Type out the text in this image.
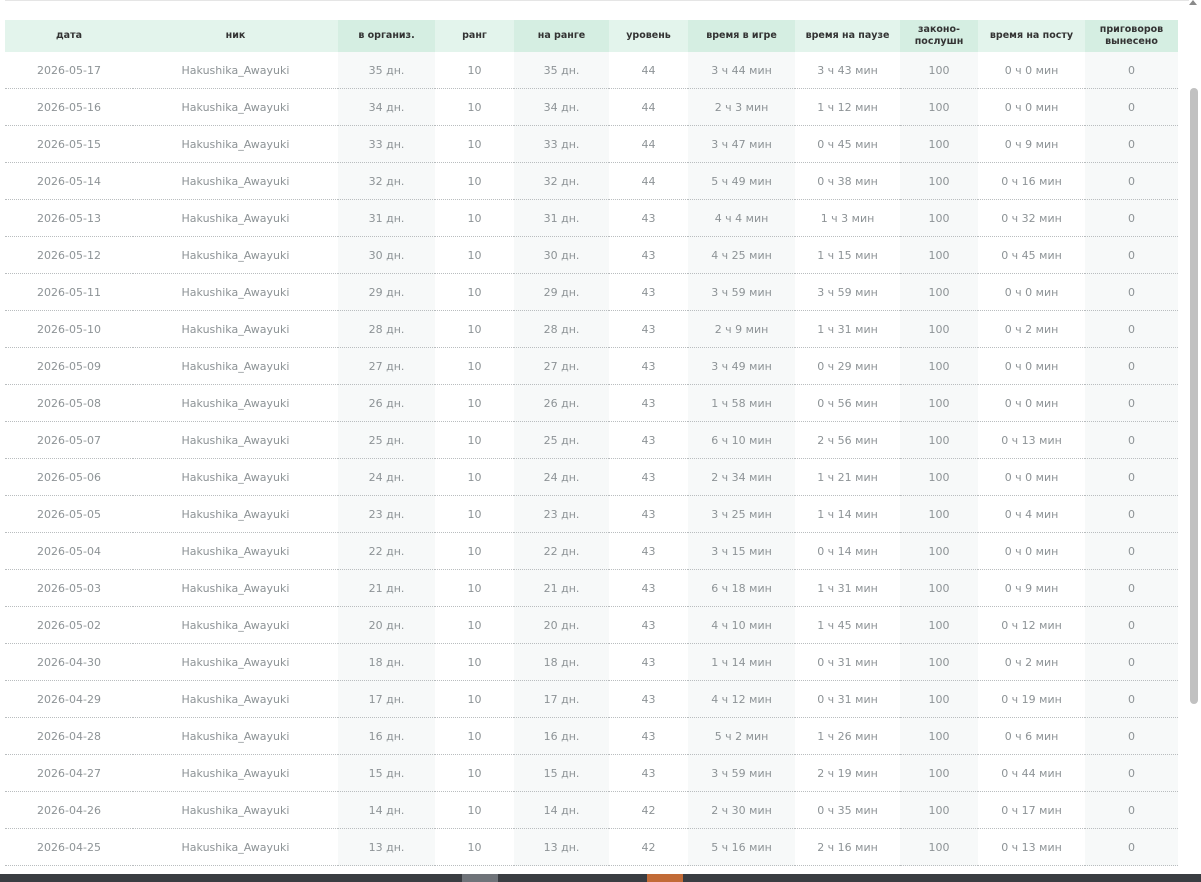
дата	ник	в организ.	ранг	на ранге	уровень	время в игре	время на паузе	законо-послушн	время на посту	приговоров вынесено
2026-05-17	Hakushika_Awayuki	35 дн.	10	35 дн.	44	3 ч 44 мин	3 ч 43 мин	100	0 ч 0 мин	0
2026-05-16	Hakushika_Awayuki	34 дн.	10	34 дн.	44	2 ч 3 мин	1 ч 12 мин	100	0 ч 0 мин	0
2026-05-15	Hakushika_Awayuki	33 дн.	10	33 дн.	44	3 ч 47 мин	0 ч 45 мин	100	0 ч 9 мин	0
2026-05-14	Hakushika_Awayuki	32 дн.	10	32 дн.	44	5 ч 49 мин	0 ч 38 мин	100	0 ч 16 мин	0
2026-05-13	Hakushika_Awayuki	31 дн.	10	31 дн.	43	4 ч 4 мин	1 ч 3 мин	100	0 ч 32 мин	0
2026-05-12	Hakushika_Awayuki	30 дн.	10	30 дн.	43	4 ч 25 мин	1 ч 15 мин	100	0 ч 45 мин	0
2026-05-11	Hakushika_Awayuki	29 дн.	10	29 дн.	43	3 ч 59 мин	3 ч 59 мин	100	0 ч 0 мин	0
2026-05-10	Hakushika_Awayuki	28 дн.	10	28 дн.	43	2 ч 9 мин	1 ч 31 мин	100	0 ч 2 мин	0
2026-05-09	Hakushika_Awayuki	27 дн.	10	27 дн.	43	3 ч 49 мин	0 ч 29 мин	100	0 ч 0 мин	0
2026-05-08	Hakushika_Awayuki	26 дн.	10	26 дн.	43	1 ч 58 мин	0 ч 56 мин	100	0 ч 0 мин	0
2026-05-07	Hakushika_Awayuki	25 дн.	10	25 дн.	43	6 ч 10 мин	2 ч 56 мин	100	0 ч 13 мин	0
2026-05-06	Hakushika_Awayuki	24 дн.	10	24 дн.	43	2 ч 34 мин	1 ч 21 мин	100	0 ч 0 мин	0
2026-05-05	Hakushika_Awayuki	23 дн.	10	23 дн.	43	3 ч 25 мин	1 ч 14 мин	100	0 ч 4 мин	0
2026-05-04	Hakushika_Awayuki	22 дн.	10	22 дн.	43	3 ч 15 мин	0 ч 14 мин	100	0 ч 0 мин	0
2026-05-03	Hakushika_Awayuki	21 дн.	10	21 дн.	43	6 ч 18 мин	1 ч 31 мин	100	0 ч 9 мин	0
2026-05-02	Hakushika_Awayuki	20 дн.	10	20 дн.	43	4 ч 10 мин	1 ч 45 мин	100	0 ч 12 мин	0
2026-04-30	Hakushika_Awayuki	18 дн.	10	18 дн.	43	1 ч 14 мин	0 ч 31 мин	100	0 ч 2 мин	0
2026-04-29	Hakushika_Awayuki	17 дн.	10	17 дн.	43	4 ч 12 мин	0 ч 31 мин	100	0 ч 19 мин	0
2026-04-28	Hakushika_Awayuki	16 дн.	10	16 дн.	43	5 ч 2 мин	1 ч 26 мин	100	0 ч 6 мин	0
2026-04-27	Hakushika_Awayuki	15 дн.	10	15 дн.	43	3 ч 59 мин	2 ч 19 мин	100	0 ч 44 мин	0
2026-04-26	Hakushika_Awayuki	14 дн.	10	14 дн.	42	2 ч 30 мин	0 ч 35 мин	100	0 ч 17 мин	0
2026-04-25	Hakushika_Awayuki	13 дн.	10	13 дн.	42	5 ч 16 мин	2 ч 16 мин	100	0 ч 13 мин	0
